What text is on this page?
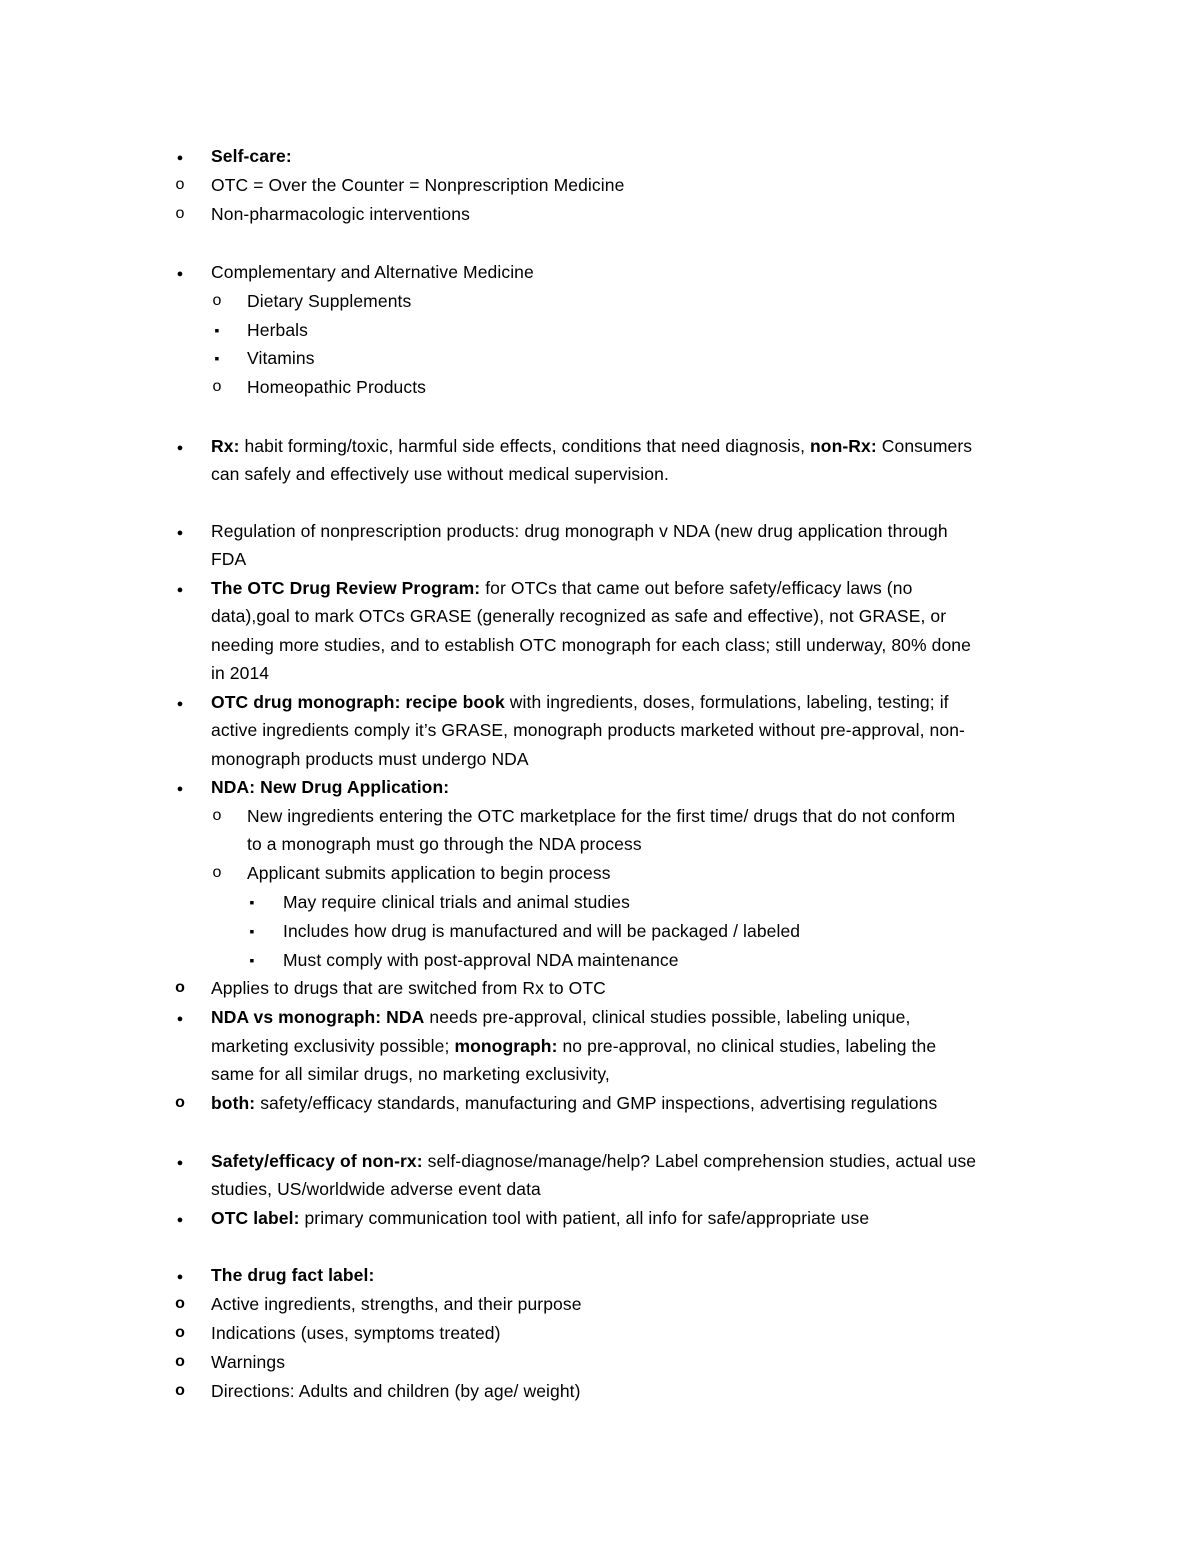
●
Self-care:
o OTC = Over the Counter = Nonprescription Medicine
o Non-pharmacologic interventions
●
Complementary and Alternative Medicine
o Dietary Supplements
▪
Herbals
▪
Vitamins
o Homeopathic Products
●
Rx: habit forming/toxic, harmful side effects, conditions that need diagnosis, non-Rx: Consumers
can safely and effectively use without medical supervision.
●
Regulation of nonprescription products: drug monograph v NDA (new drug application through
FDA
●
The OTC Drug Review Program: for OTCs that came out before safety/efficacy laws (no
data),goal to mark OTCs GRASE (generally recognized as safe and effective), not GRASE, or
needing more studies, and to establish OTC monograph for each class; still underway, 80% done
in 2014
●
OTC drug monograph: recipe book with ingredients, doses, formulations, labeling, testing; if
active ingredients comply it’s GRASE, monograph products marketed without pre-approval, non-
monograph products must undergo NDA
●
NDA: New Drug Application:
o New ingredients entering the OTC marketplace for the first time/ drugs that do not conform
to a monograph must go through the NDA process
o Applicant submits application to begin process
▪
May require clinical trials and animal studies
▪
Includes how drug is manufactured and will be packaged / labeled
▪
Must comply with post-approval NDA maintenance
o Applies to drugs that are switched from Rx to OTC
●
NDA vs monograph: NDA needs pre-approval, clinical studies possible, labeling unique,
marketing exclusivity possible; monograph: no pre-approval, no clinical studies, labeling the
same for all similar drugs, no marketing exclusivity,
o both: safety/efficacy standards, manufacturing and GMP inspections, advertising regulations
●
Safety/efficacy of non-rx: self-diagnose/manage/help? Label comprehension studies, actual use
studies, US/worldwide adverse event data
●
OTC label: primary communication tool with patient, all info for safe/appropriate use
●
The drug fact label:
o Active ingredients, strengths, and their purpose
o Indications (uses, symptoms treated)
o Warnings
o Directions: Adults and children (by age/ weight)
